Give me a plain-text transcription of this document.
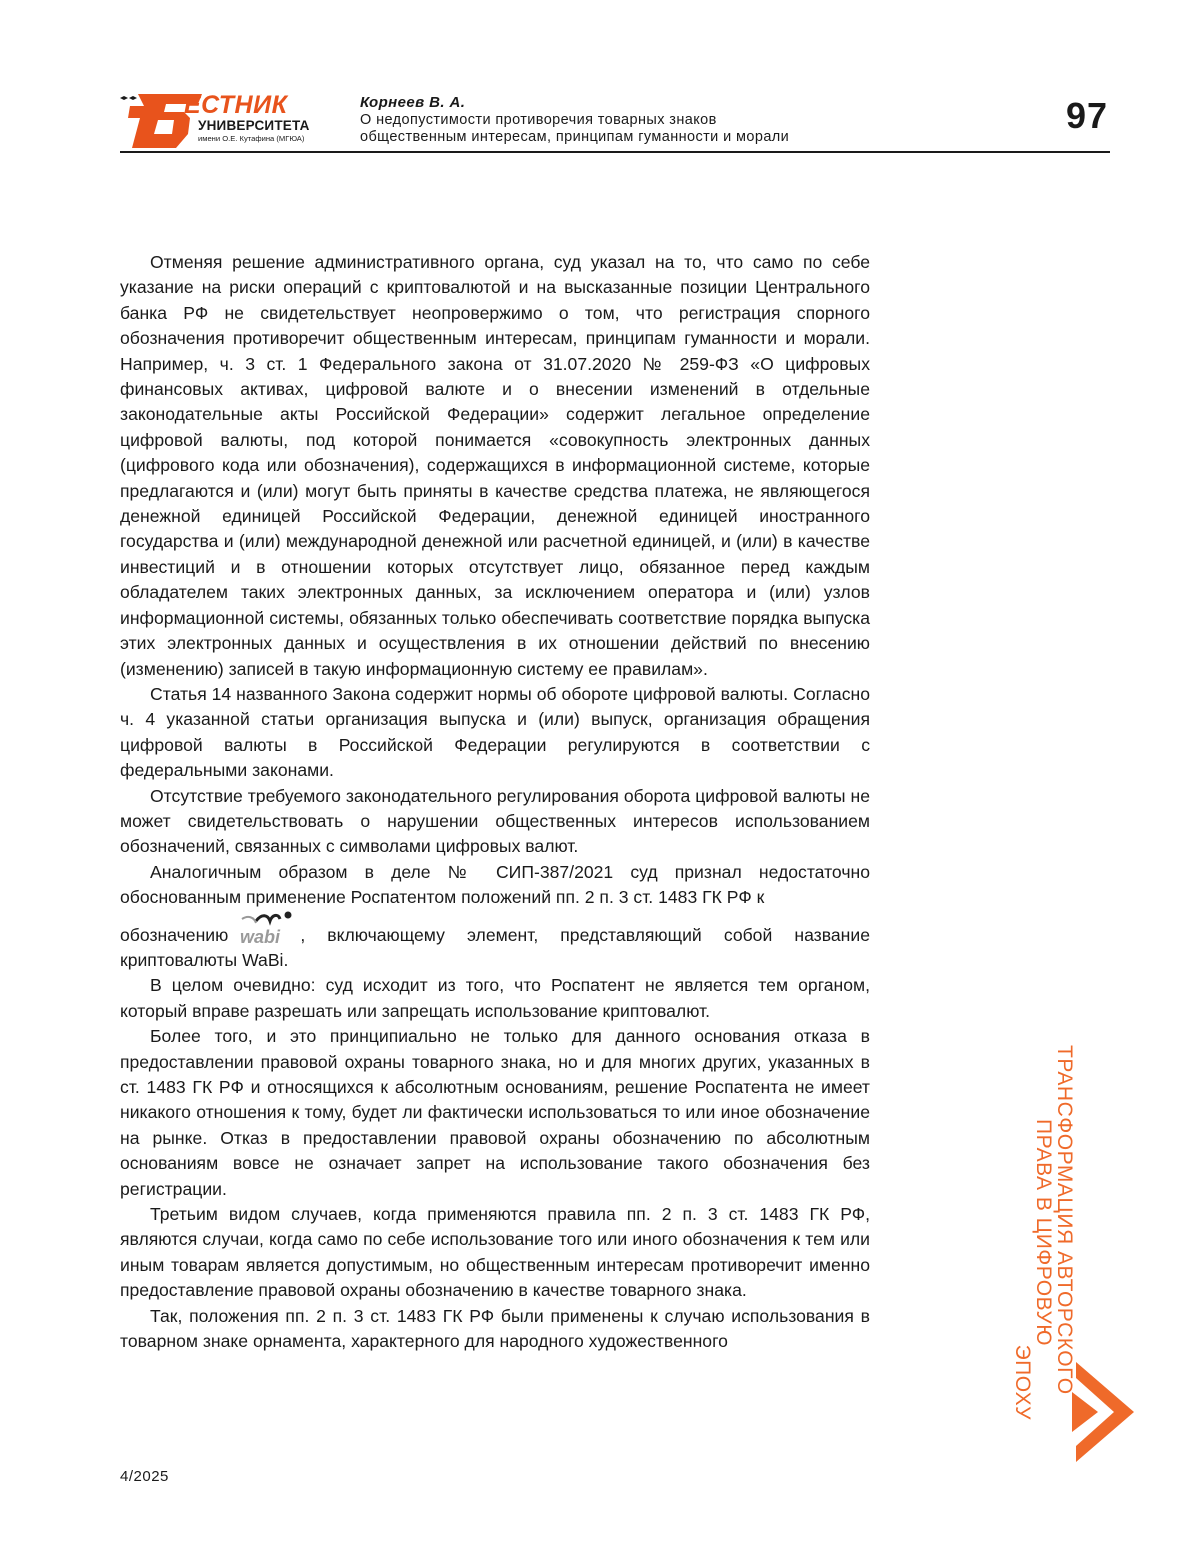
ЕСТНИК
УНИВЕРСИТЕТА
имени О.Е. Кутафина (МГЮА)
Корнеев В. А.
О недопустимости противоречия товарных знаков
общественным интересам, принципам гуманности и морали
97

Отменяя решение административного органа, суд указал на то, что само по себе указание на риски операций с криптовалютой и на высказанные позиции Центрального банка РФ не свидетельствует неопровержимо о том, что регистрация спорного обозначения противоречит общественным интересам, принципам гуманности и морали. Например, ч. 3 ст. 1 Федерального закона от 31.07.2020 № 259-ФЗ «О цифровых финансовых активах, цифровой валюте и о внесении изменений в отдельные законодательные акты Российской Федерации» содержит легальное определение цифровой валюты, под которой понимается «совокупность электронных данных (цифрового кода или обозначения), содержащихся в информационной системе, которые предлагаются и (или) могут быть приняты в качестве средства платежа, не являющегося денежной единицей Российской Федерации, денежной единицей иностранного государства и (или) международной денежной или расчетной единицей, и (или) в качестве инвестиций и в отношении которых отсутствует лицо, обязанное перед каждым обладателем таких электронных данных, за исключением оператора и (или) узлов информационной системы, обязанных только обеспечивать соответствие порядка выпуска этих электронных данных и осуществления в их отношении действий по внесению (изменению) записей в такую информационную систему ее правилам».

Статья 14 названного Закона содержит нормы об обороте цифровой валюты. Согласно ч. 4 указанной статьи организация выпуска и (или) выпуск, организация обращения цифровой валюты в Российской Федерации регулируются в соответствии с федеральными законами.

Отсутствие требуемого законодательного регулирования оборота цифровой валюты не может свидетельствовать о нарушении общественных интересов использованием обозначений, связанных с символами цифровых валют.

Аналогичным образом в деле № СИП-387/2021 суд признал недостаточно обоснованным применение Роспатентом положений пп. 2 п. 3 ст. 1483 ГК РФ к

обозначению wabi , включающему элемент, представляющий собой название криптовалюты WaBi.

В целом очевидно: суд исходит из того, что Роспатент не является тем органом, который вправе разрешать или запрещать использование криптовалют.

Более того, и это принципиально не только для данного основания отказа в предоставлении правовой охраны товарного знака, но и для многих других, указанных в ст. 1483 ГК РФ и относящихся к абсолютным основаниям, решение Роспатента не имеет никакого отношения к тому, будет ли фактически использоваться то или иное обозначение на рынке. Отказ в предоставлении правовой охраны обозначению по абсолютным основаниям вовсе не означает запрет на использование такого обозначения без регистрации.

Третьим видом случаев, когда применяются правила пп. 2 п. 3 ст. 1483 ГК РФ, являются случаи, когда само по себе использование того или иного обозначения к тем или иным товарам является допустимым, но общественным интересам противоречит именно предоставление правовой охраны обозначению в качестве товарного знака.

Так, положения пп. 2 п. 3 ст. 1483 ГК РФ были применены к случаю использования в товарном знаке орнамента, характерного для народного художественного	ТРАНСФОРМАЦИЯ АВТОРСКОГО
ПРАВА В ЦИФРОВУЮ
ЭПОХУ
4/2025
